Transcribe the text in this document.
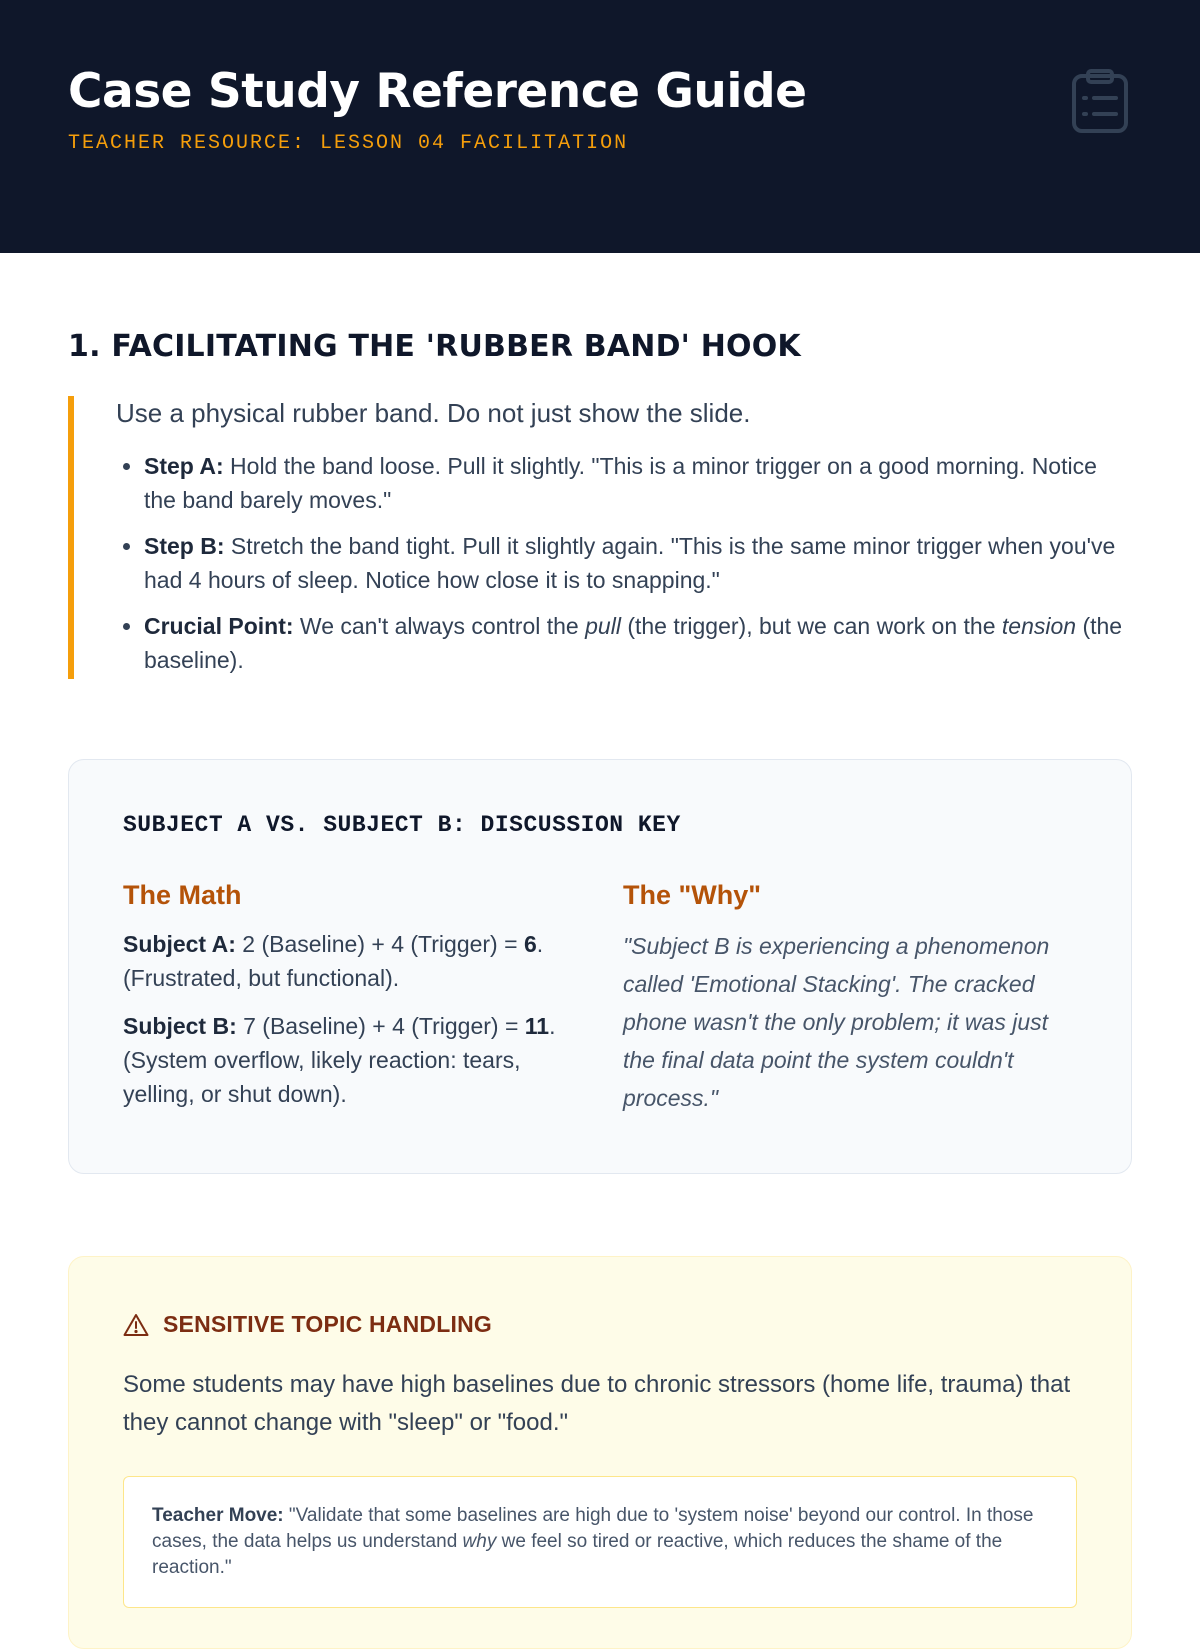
Case Study Reference Guide
TEACHER RESOURCE: LESSON 04 FACILITATION
1. FACILITATING THE 'RUBBER BAND' HOOK

Use a physical rubber band. Do not just show the slide.

• Step A: Hold the band loose. Pull it slightly. "This is a minor trigger on a good morning. Notice the band barely moves."
• Step B: Stretch the band tight. Pull it slightly again. "This is the same minor trigger when you've had 4 hours of sleep. Notice how close it is to snapping."
• Crucial Point: We can't always control the pull (the trigger), but we can work on the tension (the baseline).
SUBJECT A VS. SUBJECT B: DISCUSSION KEY
The Math

Subject A: 2 (Baseline) + 4 (Trigger) = 6. (Frustrated, but functional).

Subject B: 7 (Baseline) + 4 (Trigger) = 11. (System overflow, likely reaction: tears, yelling, or shut down).

The "Why"

"Subject B is experiencing a phenomenon called 'Emotional Stacking'. The cracked phone wasn't the only problem; it was just the final data point the system couldn't process."

SENSITIVE TOPIC HANDLING

Some students may have high baselines due to chronic stressors (home life, trauma) that they cannot change with "sleep" or "food."

Teacher Move: "Validate that some baselines are high due to 'system noise' beyond our control. In those cases, the data helps us understand why we feel so tired or reactive, which reduces the shame of the reaction."
